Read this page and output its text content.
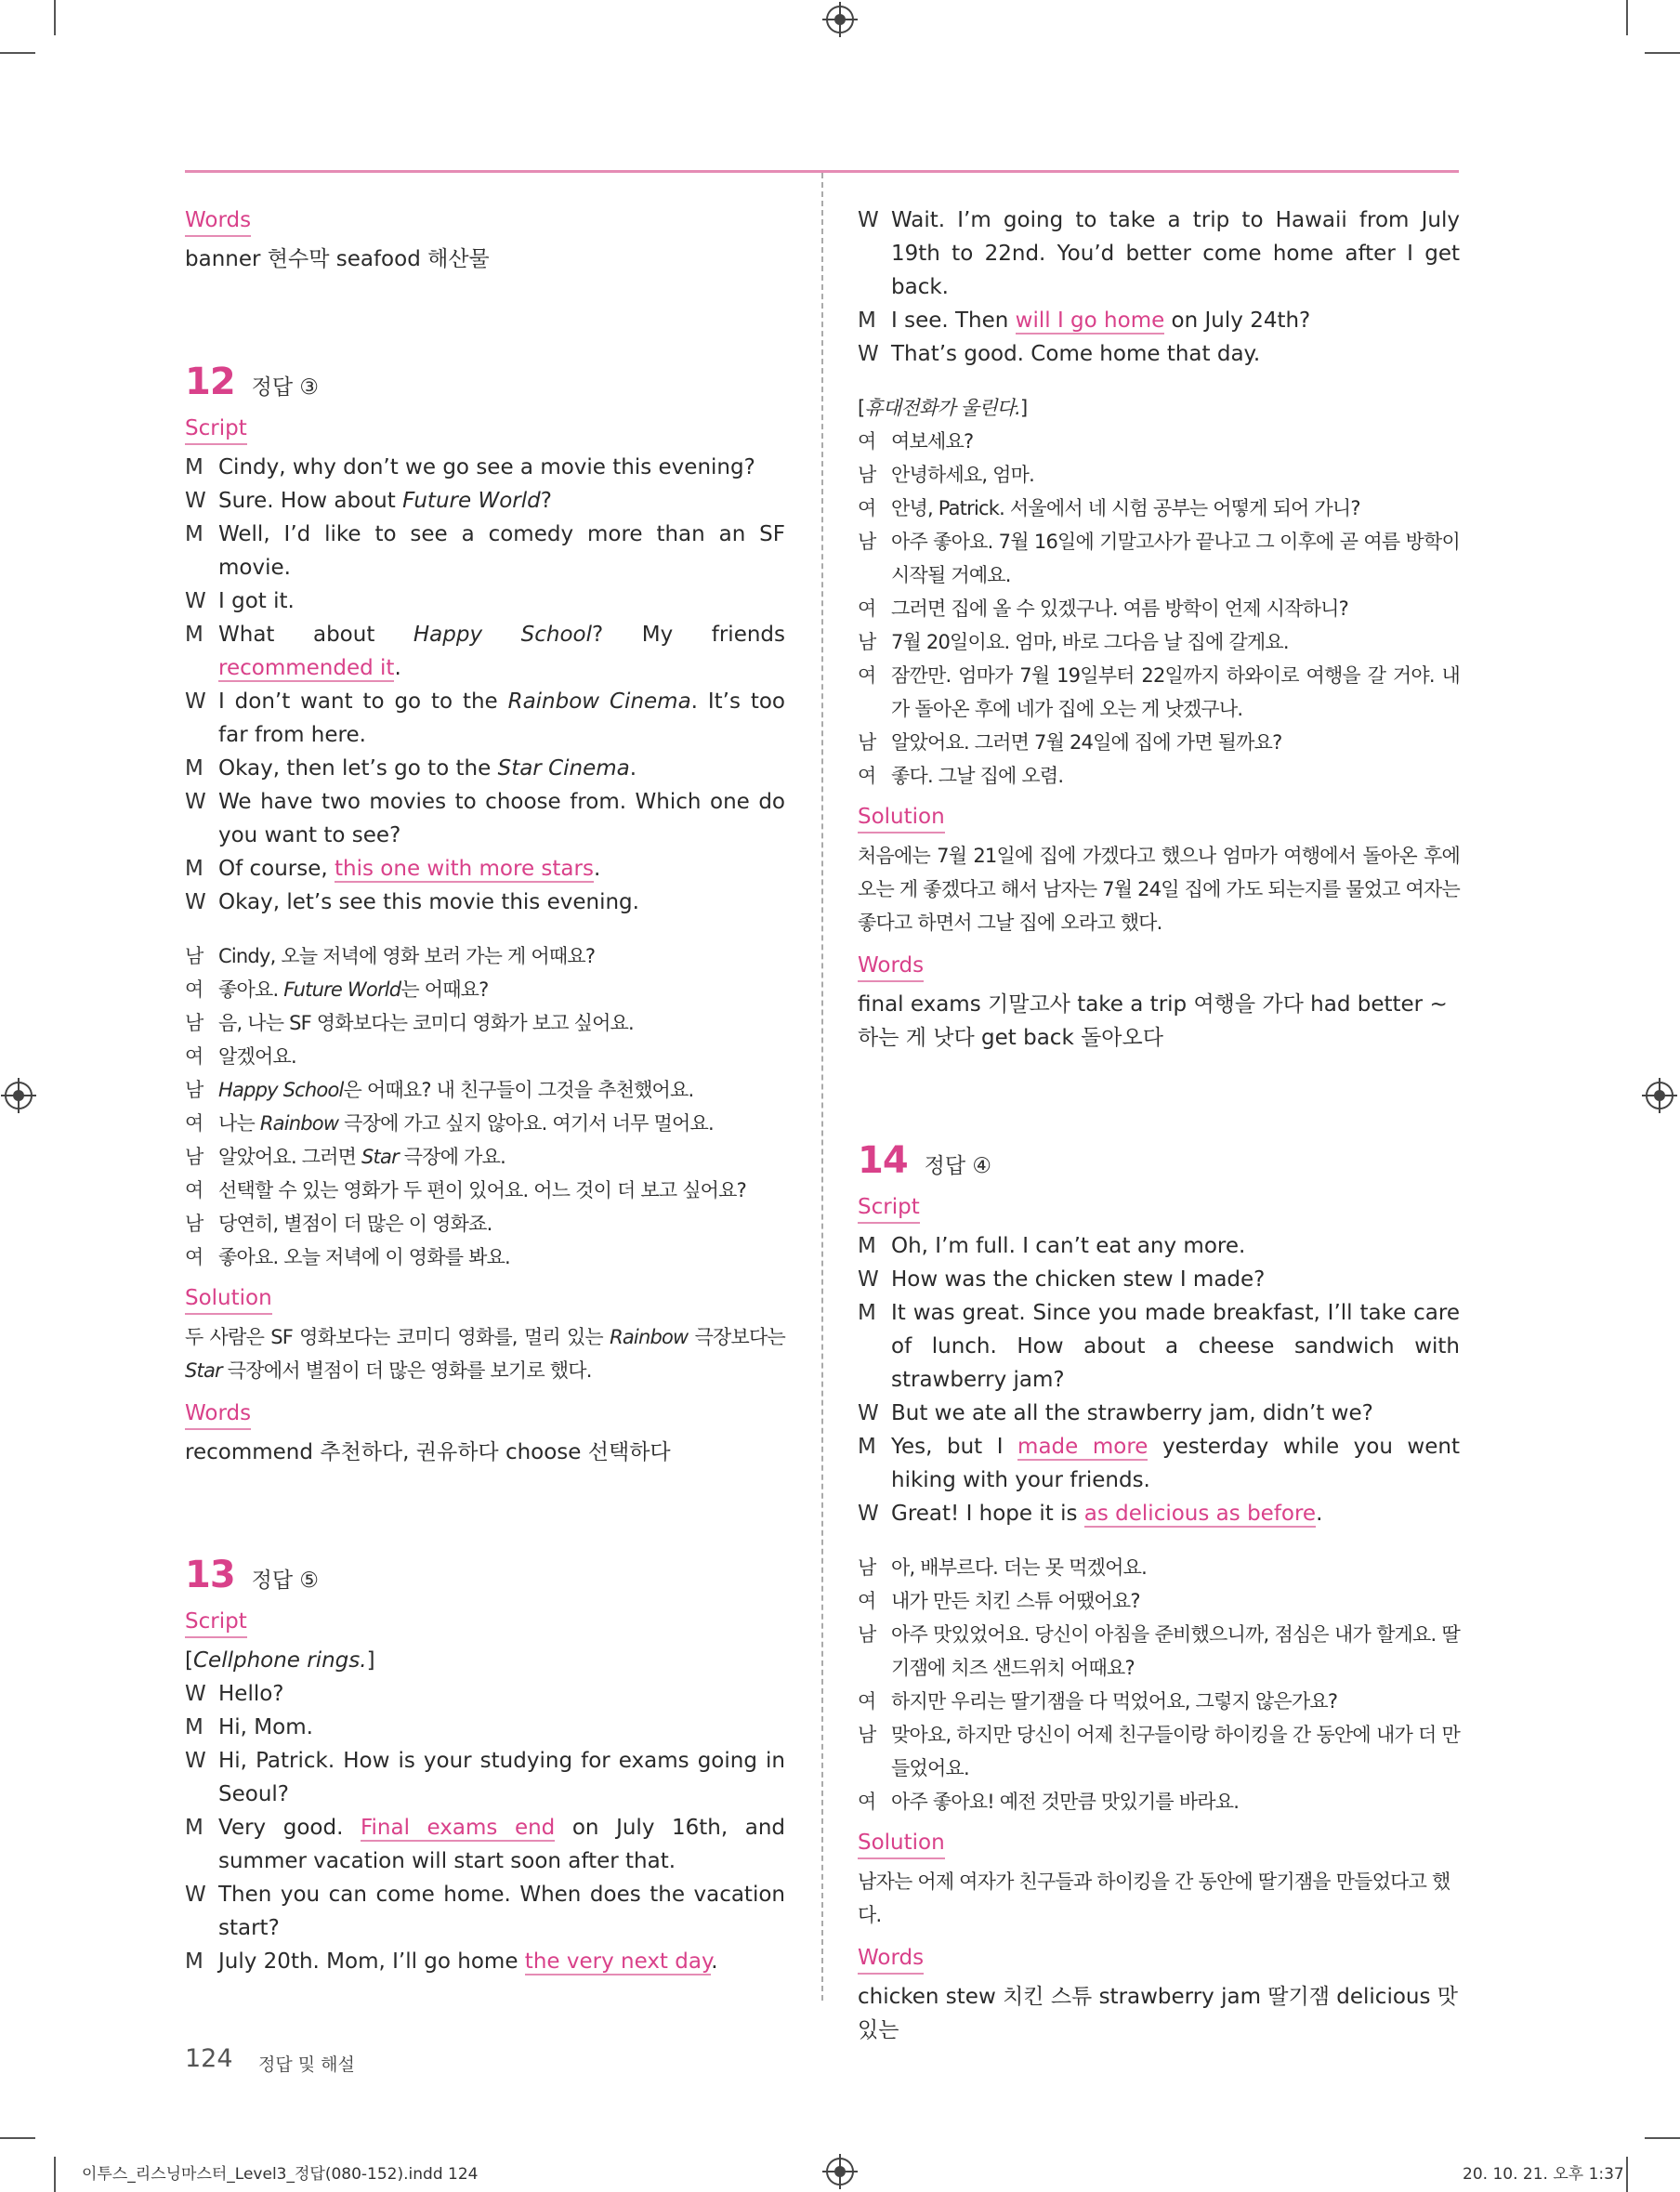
Words

banner 현수막 seafood 해산물

12 정답 ③
Script
M Cindy, why don’t we go see a movie this evening?
W Sure. How about Future World?
M Well, I’d like to see a comedy more than an SF movie.
W I got it.
M What about Happy School? My friends recommended it.
W I don’t want to go to the Rainbow Cinema. It’s too far from here.
M Okay, then let’s go to the Star Cinema.
W We have two movies to choose from. Which one do you want to see?
M Of course, this one with more stars.
W Okay, let’s see this movie this evening.
남 Cindy, 오늘 저녁에 영화 보러 가는 게 어때요?
여 좋아요. Future World는 어때요?
남 음, 나는 SF 영화보다는 코미디 영화가 보고 싶어요.
여 알겠어요.
남 Happy School은 어때요? 내 친구들이 그것을 추천했어요.
여 나는 Rainbow 극장에 가고 싶지 않아요. 여기서 너무 멀어요.
남 알았어요. 그러면 Star 극장에 가요.
여 선택할 수 있는 영화가 두 편이 있어요. 어느 것이 더 보고 싶어요?
남 당연히, 별점이 더 많은 이 영화죠.
여 좋아요. 오늘 저녁에 이 영화를 봐요.
Solution

두 사람은 SF 영화보다는 코미디 영화를, 멀리 있는 Rainbow 극장보다는 Star 극장에서 별점이 더 많은 영화를 보기로 했다.

Words

recommend 추천하다, 권유하다 choose 선택하다

13 정답 ⑤
Script

[Cellphone rings.]

W Hello?
M Hi, Mom.
W Hi, Patrick. How is your studying for exams going in Seoul?
M Very good. Final exams end on July 16th, and summer vacation will start soon after that.
W Then you can come home. When does the vacation start?
M July 20th. Mom, I’ll go home the very next day.
W Wait. I’m going to take a trip to Hawaii from July 19th to 22nd. You’d better come home after I get back.
M I see. Then will I go home on July 24th?
W That’s good. Come home that day.

[휴대전화가 울린다.]

여 여보세요?
남 안녕하세요, 엄마.
여 안녕, Patrick. 서울에서 네 시험 공부는 어떻게 되어 가니?
남 아주 좋아요. 7월 16일에 기말고사가 끝나고 그 이후에 곧 여름 방학이 시작될 거예요.
여 그러면 집에 올 수 있겠구나. 여름 방학이 언제 시작하니?
남 7월 20일이요. 엄마, 바로 그다음 날 집에 갈게요.
여 잠깐만. 엄마가 7월 19일부터 22일까지 하와이로 여행을 갈 거야. 내가 돌아온 후에 네가 집에 오는 게 낫겠구나.
남 알았어요. 그러면 7월 24일에 집에 가면 될까요?
여 좋다. 그날 집에 오렴.
Solution

처음에는 7월 21일에 집에 가겠다고 했으나 엄마가 여행에서 돌아온 후에 오는 게 좋겠다고 해서 남자는 7월 24일 집에 가도 되는지를 물었고 여자는 좋다고 하면서 그날 집에 오라고 했다.

Words

final exams 기말고사 take a trip 여행을 가다 had better ~하는 게 낫다 get back 돌아오다

14 정답 ④
Script
M Oh, I’m full. I can’t eat any more.
W How was the chicken stew I made?
M It was great. Since you made breakfast, I’ll take care of lunch. How about a cheese sandwich with strawberry jam?
W But we ate all the strawberry jam, didn’t we?
M Yes, but I made more yesterday while you went hiking with your friends.
W Great! I hope it is as delicious as before.
남 아, 배부르다. 더는 못 먹겠어요.
여 내가 만든 치킨 스튜 어땠어요?
남 아주 맛있었어요. 당신이 아침을 준비했으니까, 점심은 내가 할게요. 딸기잼에 치즈 샌드위치 어때요?
여 하지만 우리는 딸기잼을 다 먹었어요, 그렇지 않은가요?
남 맞아요, 하지만 당신이 어제 친구들이랑 하이킹을 간 동안에 내가 더 만들었어요.
여 아주 좋아요! 예전 것만큼 맛있기를 바라요.
Solution

남자는 어제 여자가 친구들과 하이킹을 간 동안에 딸기잼을 만들었다고 했다.

Words

chicken stew 치킨 스튜 strawberry jam 딸기잼 delicious 맛있는

124 정답 및 해설
이투스_리스닝마스터_Level3_정답(080-152).indd 124	20. 10. 21. 오후 1:37
